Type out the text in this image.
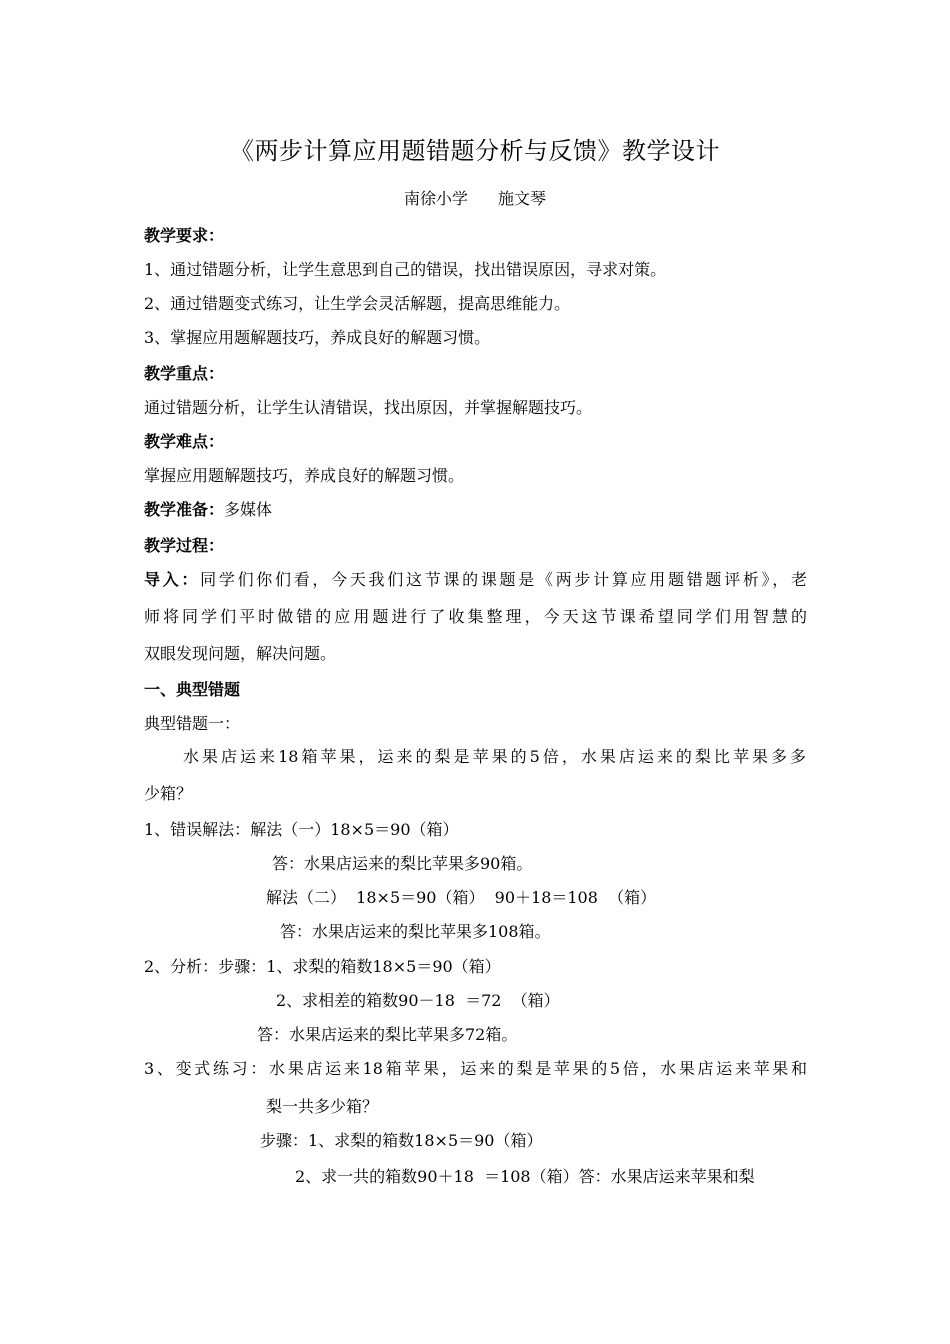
《两步计算应用题错题分析与反馈》教学设计
南徐小学 施文琴
教学要求：
1、通过错题分析，让学生意思到自己的错误，找出错误原因，寻求对策。
2、通过错题变式练习，让生学会灵活解题，提高思维能力。
3、掌握应用题解题技巧，养成良好的解题习惯。
教学重点：
通过错题分析，让学生认清错误，找出原因，并掌握解题技巧。
教学难点：
掌握应用题解题技巧，养成良好的解题习惯。
教学准备：多媒体
教学过程：
导入：同学们你们看，今天我们这节课的课题是《两步计算应用题错题评析》，老
师将同学们平时做错的应用题进行了收集整理，今天这节课希望同学们用智慧的
双眼发现问题，解决问题。
一、典型错题
典型错题一：
水果店运来18箱苹果，运来的梨是苹果的5倍，水果店运来的梨比苹果多多
少箱？
1、错误解法：解法（一）18×5＝90（箱）
答：水果店运来的梨比苹果多90箱。
解法（二）  18×5＝90（箱）  90＋18＝108  （箱）
答：水果店运来的梨比苹果多108箱。
2、分析：步骤：1、求梨的箱数18×5＝90（箱）
2、求相差的箱数90－18  ＝72  （箱）
答：水果店运来的梨比苹果多72箱。
3、变式练习：水果店运来18箱苹果，运来的梨是苹果的5倍，水果店运来苹果和
梨一共多少箱？
步骤：1、求梨的箱数18×5＝90（箱）
2、求一共的箱数90＋18  ＝108（箱）答：水果店运来苹果和梨
